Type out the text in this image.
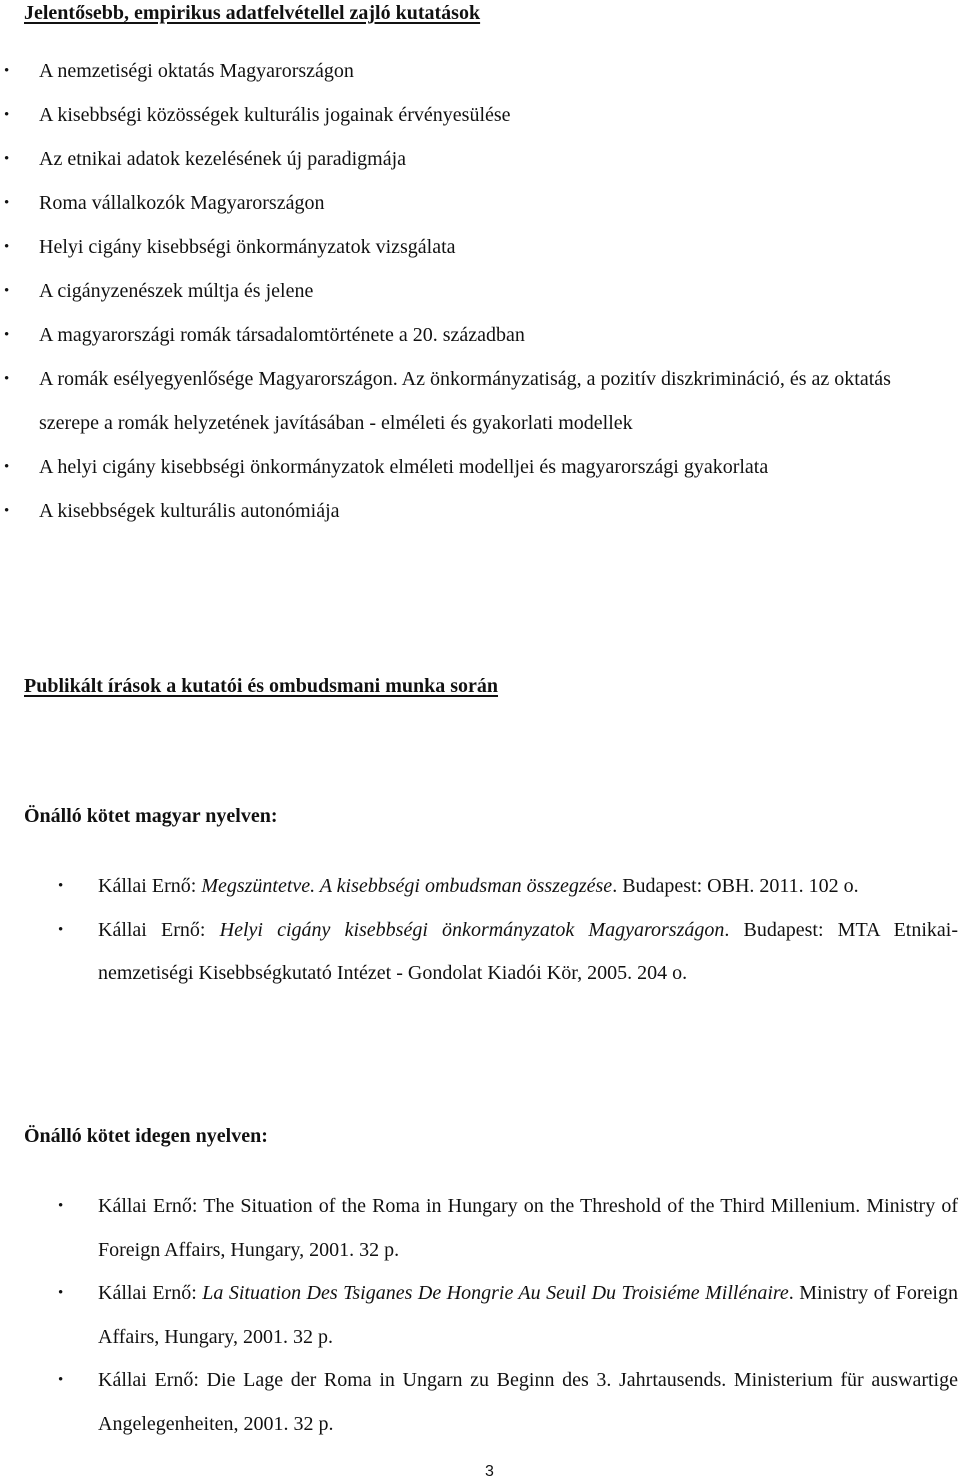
Jelentősebb, empirikus adatfelvétellel zajló kutatások
•	A nemzetiségi oktatás Magyarországon
•	A kisebbségi közösségek kulturális jogainak érvényesülése
•	Az etnikai adatok kezelésének új paradigmája
•	Roma vállalkozók Magyarországon
•	Helyi cigány kisebbségi önkormányzatok vizsgálata
•	A cigányzenészek múltja és jelene
•	A magyarországi romák társadalomtörténete a 20. században
•	A romák esélyegyenlősége Magyarországon. Az önkormányzatiság, a pozitív diszkrimináció, és az oktatás szerepe a romák helyzetének javításában - elméleti és gyakorlati modellek
•	A helyi cigány kisebbségi önkormányzatok elméleti modelljei és magyarországi gyakorlata
•	A kisebbségek kulturális autonómiája
Publikált írások a kutatói és ombudsmani munka során
Önálló kötet magyar nyelven:
•	Kállai Ernő: Megszüntetve. A kisebbségi ombudsman összegzése. Budapest: OBH. 2011. 102 o.
•	Kállai Ernő: Helyi cigány kisebbségi önkormányzatok Magyarországon. Budapest: MTA Etnikai-nemzetiségi Kisebbségkutató Intézet - Gondolat Kiadói Kör, 2005. 204 o.
Önálló kötet idegen nyelven:
•	Kállai Ernő: The Situation of the Roma in Hungary on the Threshold of the Third Millenium. Ministry of Foreign Affairs, Hungary, 2001. 32 p.
•	Kállai Ernő: La Situation Des Tsiganes De Hongrie Au Seuil Du Troisiéme Millénaire. Ministry of Foreign Affairs, Hungary, 2001. 32 p.
•	Kállai Ernő: Die Lage der Roma in Ungarn zu Beginn des 3. Jahrtausends. Ministerium für auswartige Angelegenheiten, 2001. 32 p.
3
